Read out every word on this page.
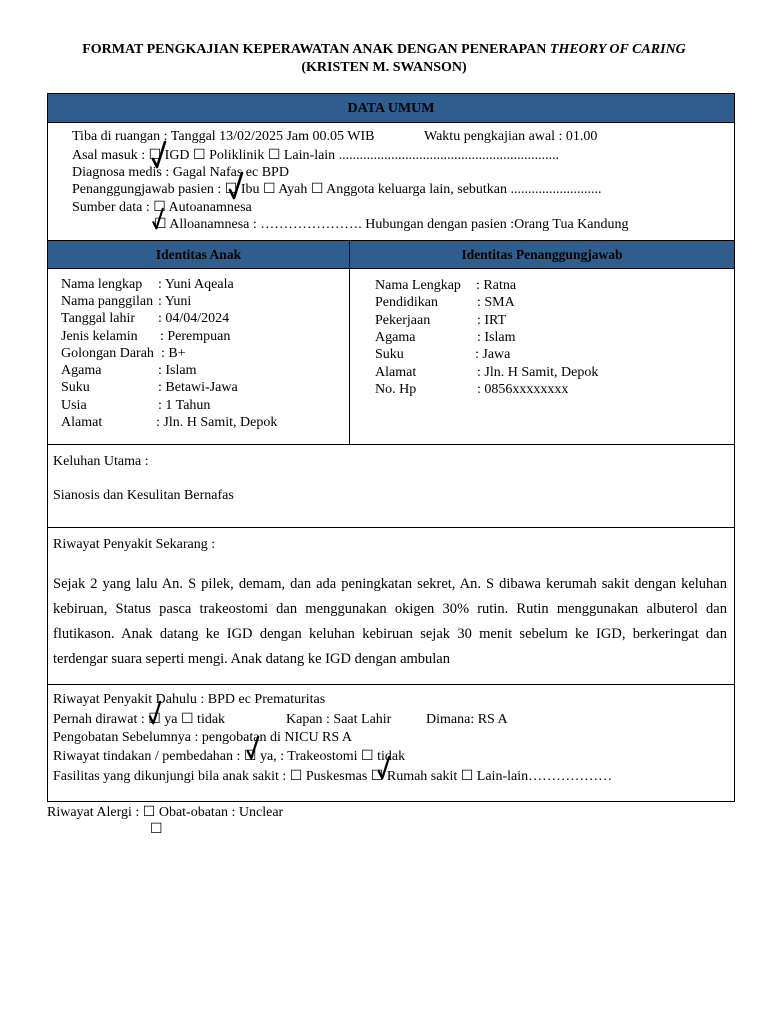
FORMAT PENGKAJIAN KEPERAWATAN ANAK DENGAN PENERAPAN THEORY OF CARING
(KRISTEN M. SWANSON)
DATA UMUM
Tiba di ruangan : Tanggal 13/02/2025 Jam 00.05 WIB	Waktu pengkajian awal : 01.00
Asal masuk : ☐ IGD ☐ Poliklinik ☐ Lain-lain ...............................................................
Diagnosa medis : Gagal Nafas ec BPD
Penanggungjawab pasien : ☐ Ibu ☐ Ayah ☐ Anggota keluarga lain, sebutkan ..........................
Sumber data : ☐ Autoanamnesa
☐ Alloanamnesa : …………………. Hubungan dengan pasien :Orang Tua Kandung
Identitas Anak	Identitas Penanggungjawab
Nama lengkap : Yuni Aqeala
Nama panggilan : Yuni
Tanggal lahir : 04/04/2024
Jenis kelamin : Perempuan
Golongan Darah : B+
Agama	: Islam
Suku	: Betawi-Jawa
Usia	: 1 Tahun
Alamat	: Jln. H Samit, Depok
Nama Lengkap : Ratna
Pendidikan	: SMA
Pekerjaan	: IRT
Agama	: Islam
Suku	: Jawa
Alamat	: Jln. H Samit, Depok
No. Hp	: 0856xxxxxxxx
Keluhan Utama :
Sianosis dan Kesulitan Bernafas
Riwayat Penyakit Sekarang :
Sejak 2 yang lalu An. S pilek, demam, dan ada peningkatan sekret, An. S dibawa kerumah sakit dengan keluhan kebiruan, Status pasca trakeostomi dan menggunakan okigen 30% rutin. Rutin menggunakan albuterol dan flutikason. Anak datang ke IGD dengan keluhan kebiruan sejak 30 menit sebelum ke IGD, berkeringat dan terdengar suara seperti mengi. Anak datang ke IGD dengan ambulan
Riwayat Penyakit Dahulu : BPD ec Prematuritas
Pernah dirawat : ☐ ya ☐ tidak	Kapan : Saat Lahir Dimana: RS A
Pengobatan Sebelumnya : pengobatan di NICU RS A
Riwayat tindakan / pembedahan : ☐ ya, : Trakeostomi ☐ tidak
Fasilitas yang dikunjungi bila anak sakit : ☐ Puskesmas ☐ Rumah sakit ☐ Lain-lain………………
Riwayat Alergi : ☐ Obat-obatan : Unclear
☐
